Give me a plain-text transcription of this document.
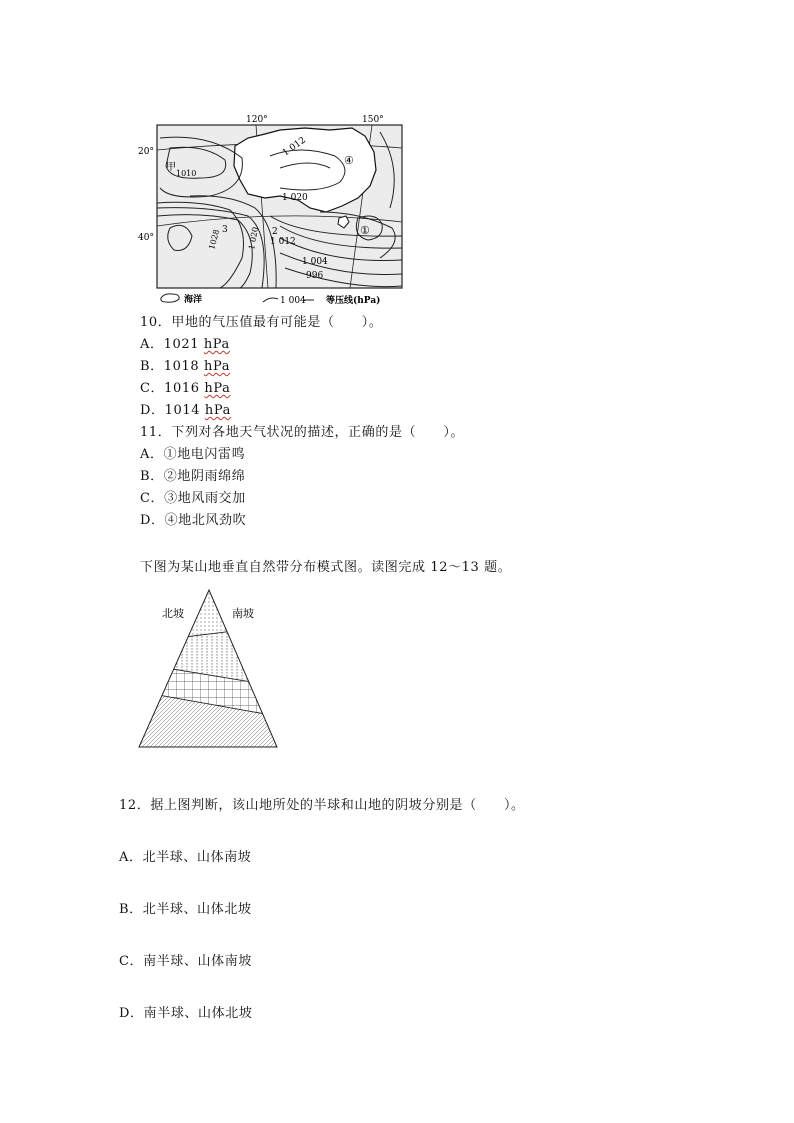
120°	150°
20°
40°
甲
1 012
1 020
1010
1028	1 020 1 012
1 004
996
①
2
3
④
海洋	1 004 等压线(hPa)
10．甲地的气压值最有可能是（　　）。
A．1021 hPa
B．1018 hPa
C．1016 hPa
D．1014 hPa
11．下列对各地天气状况的描述，正确的是（　　）。
A．①地电闪雷鸣
B．②地阴雨绵绵
C．③地风雨交加
D．④地北风劲吹
下图为某山地垂直自然带分布模式图。读图完成 12～13 题。
北坡	南坡
12．据上图判断，该山地所处的半球和山地的阴坡分别是（　　）。
A．北半球、山体南坡
B．北半球、山体北坡
C．南半球、山体南坡
D．南半球、山体北坡
